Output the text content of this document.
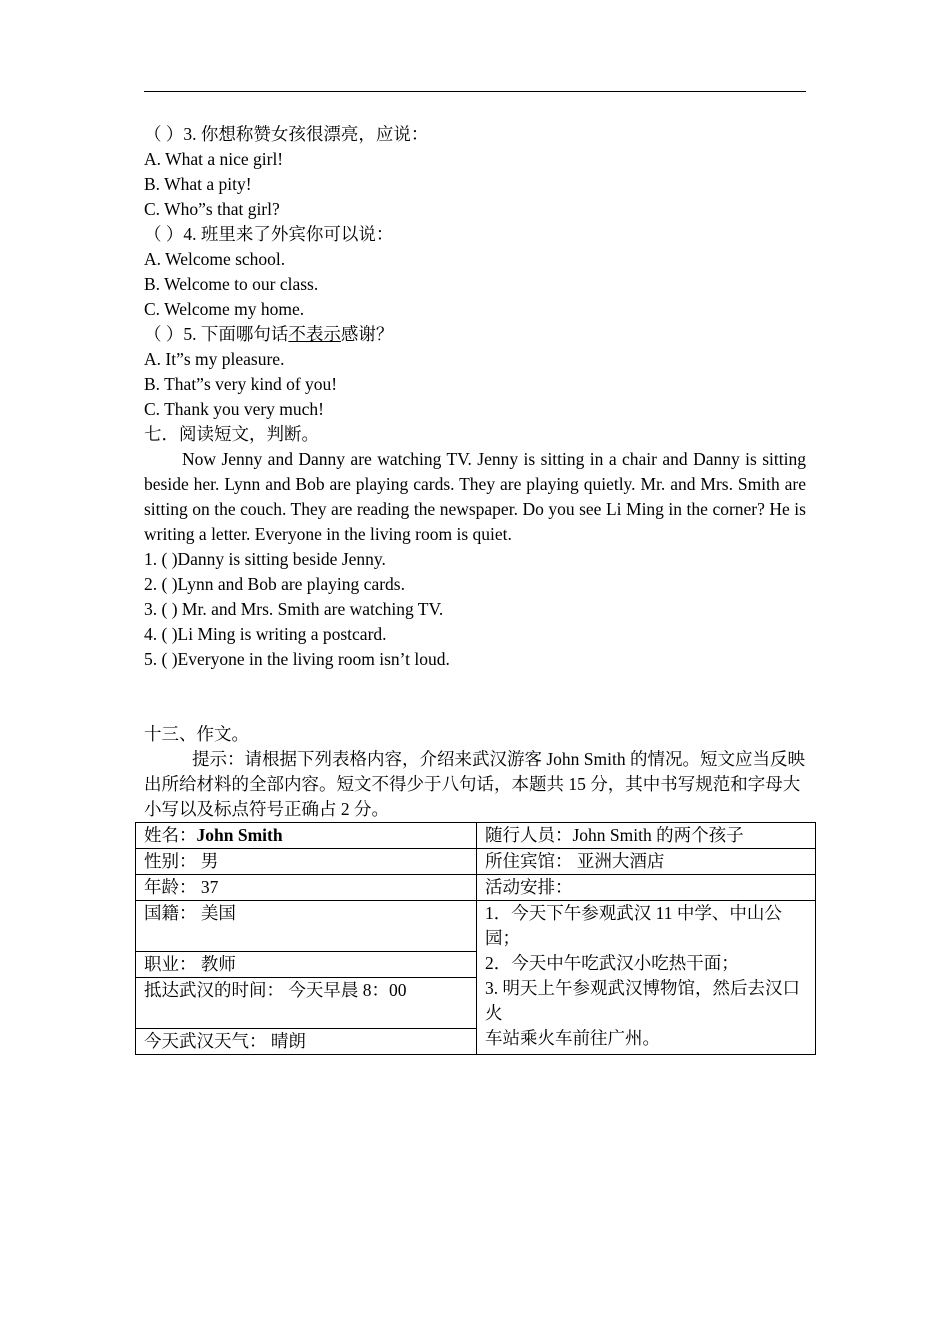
（ ）3. 你想称赞女孩很漂亮，应说：
A. What a nice girl!
B. What a pity!
C. Who”s that girl?
（ ）4. 班里来了外宾你可以说：
A. Welcome school.
B. Welcome to our class.
C. Welcome my home.
（ ）5. 下面哪句话不表示感谢？
A. It”s my pleasure.
B. That”s very kind of you!
C. Thank you very much!
七．阅读短文，判断。
Now Jenny and Danny are watching TV. Jenny is sitting in a chair and Danny is sitting beside her. Lynn and Bob are playing cards. They are playing quietly. Mr. and Mrs. Smith are sitting on the couch. They are reading the newspaper. Do you see Li Ming in the corner? He is writing a letter. Everyone in the living room is quiet.
1. ( )Danny is sitting beside Jenny.
2. ( )Lynn and Bob are playing cards.
3. ( ) Mr. and Mrs. Smith are watching TV.
4. ( )Li Ming is writing a postcard.
5. ( )Everyone in the living room isn’t loud.
十三、作文。
提示：请根据下列表格内容，介绍来武汉游客 John Smith 的情况。短文应当反映出所给材料的全部内容。短文不得少于八句话，本题共 15 分，其中书写规范和字母大小写以及标点符号正确占 2 分。
姓名：John Smith	随行人员：John Smith 的两个孩子
性别： 男	所住宾馆： 亚洲大酒店
年龄： 37	活动安排：
国籍： 美国	1．今天下午参观武汉 11 中学、中山公园；
2．今天中午吃武汉小吃热干面；
3. 明天上午参观武汉博物馆，然后去汉口火
车站乘火车前往广州。

职业： 教师	
抵达武汉的时间： 今天早晨 8：00	
今天武汉天气： 晴朗	
